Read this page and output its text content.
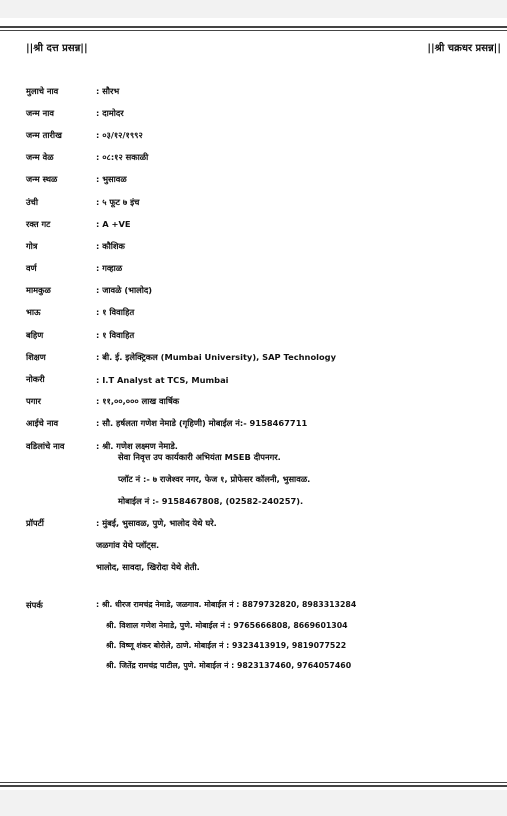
||श्री दत्त प्रसन्न||	||श्री चक्रधर प्रसन्न||
मुलाचे नाव	: सौरभ
जन्म नाव	: दामोदर
जन्म तारीख	: ०३/१२/१९९२
जन्म वेळ	: ०८:१२ सकाळी
जन्म स्थळ	: भुसावळ
उंची	: ५ फूट ७ इंच
रक्त गट	: A +VE
गोत्र	: कौशिक
वर्ण	: गव्हाळ
मामकुळ	: जावळे (भालोद)
भाऊ	: १ विवाहित
बहिण	: १ विवाहित
शिक्षण	: बी. ई. इलेक्ट्रिकल (Mumbai University), SAP Technology
नोकरी	: I.T Analyst at TCS, Mumbai
पगार	: ११,००,००० लाख वार्षिक
आईचे नाव	: सौ. हर्षलता गणेश नेमाडे (गृहिणी) मोबाईल नं:- 9158467711
वडिलांचे नाव	: श्री. गणेश लक्ष्मण नेमाडे.
सेवा निवृत्त उप कार्यकारी अभियंता MSEB दीपनगर.
प्लॉट नं :- ७ राजेश्वर नगर, फेज १, प्रोफेसर कॉलनी, भुसावळ.
मोबाईल नं :- 9158467808, (02582-240257).
प्रॉपर्टी	: मुंबई, भुसावळ, पुणे, भालोद येथे घरे.
जळगांव येथे प्लॉट्स.
भालोद, सावदा, खिरोदा येथे शेती.
संपर्क	: श्री. धीरज रामचंद्र नेमाडे, जळगाव. मोबाईल नं : 8879732820, 8983313284
श्री. विशाल गणेश नेमाडे, पुणे. मोबाईल नं : 9765666808, 8669601304
श्री. विष्णू शंकर बोरोले, ठाणे. मोबाईल नं : 9323413919, 9819077522
श्री. जितेंद्र रामचंद्र पाटील, पुणे. मोबाईल नं : 9823137460, 9764057460
